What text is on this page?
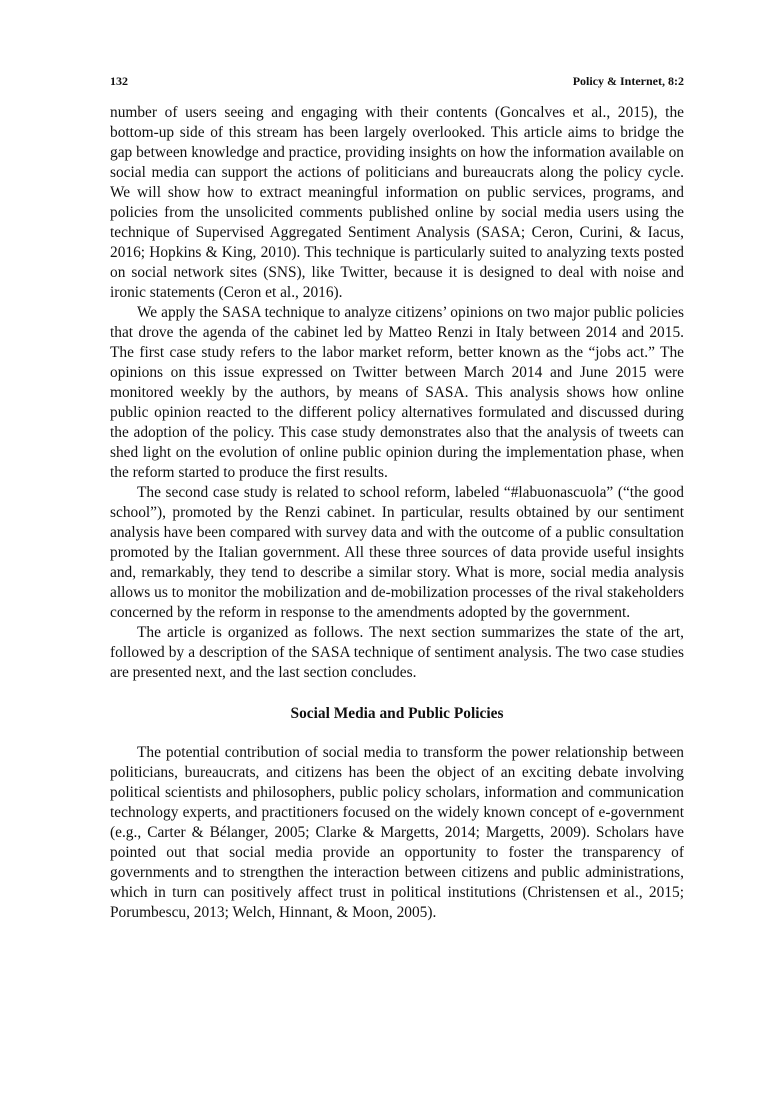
132	Policy & Internet, 8:2

number of users seeing and engaging with their contents (Goncalves et al., 2015), the bottom-up side of this stream has been largely overlooked. This article aims to bridge the gap between knowledge and practice, providing insights on how the information available on social media can support the actions of politicians and bureaucrats along the policy cycle. We will show how to extract meaningful information on public services, programs, and policies from the unsolicited comments published online by social media users using the technique of Supervised Aggregated Sentiment Analysis (SASA; Ceron, Curini, & Iacus, 2016; Hopkins & King, 2010). This technique is particularly suited to analyzing texts posted on social network sites (SNS), like Twitter, because it is designed to deal with noise and ironic statements (Ceron et al., 2016).

We apply the SASA technique to analyze citizens’ opinions on two major public policies that drove the agenda of the cabinet led by Matteo Renzi in Italy between 2014 and 2015. The first case study refers to the labor market reform, better known as the “jobs act.” The opinions on this issue expressed on Twitter between March 2014 and June 2015 were monitored weekly by the authors, by means of SASA. This analysis shows how online public opinion reacted to the different policy alternatives formulated and discussed during the adoption of the policy. This case study demonstrates also that the analysis of tweets can shed light on the evolution of online public opinion during the implementation phase, when the reform started to produce the first results.

The second case study is related to school reform, labeled “#labuonascuola” (“the good school”), promoted by the Renzi cabinet. In particular, results obtained by our sentiment analysis have been compared with survey data and with the outcome of a public consultation promoted by the Italian government. All these three sources of data provide useful insights and, remarkably, they tend to describe a similar story. What is more, social media analysis allows us to monitor the mobilization and de-mobilization processes of the rival stakeholders concerned by the reform in response to the amendments adopted by the government.

The article is organized as follows. The next section summarizes the state of the art, followed by a description of the SASA technique of sentiment analysis. The two case studies are presented next, and the last section concludes.

Social Media and Public Policies

The potential contribution of social media to transform the power relationship between politicians, bureaucrats, and citizens has been the object of an exciting debate involving political scientists and philosophers, public policy scholars, information and communication technology experts, and practitioners focused on the widely known concept of e-government (e.g., Carter & Bélanger, 2005; Clarke & Margetts, 2014; Margetts, 2009). Scholars have pointed out that social media provide an opportunity to foster the transparency of governments and to strengthen the interaction between citizens and public administrations, which in turn can positively affect trust in political institutions (Christensen et al., 2015; Porumbescu, 2013; Welch, Hinnant, & Moon, 2005).
